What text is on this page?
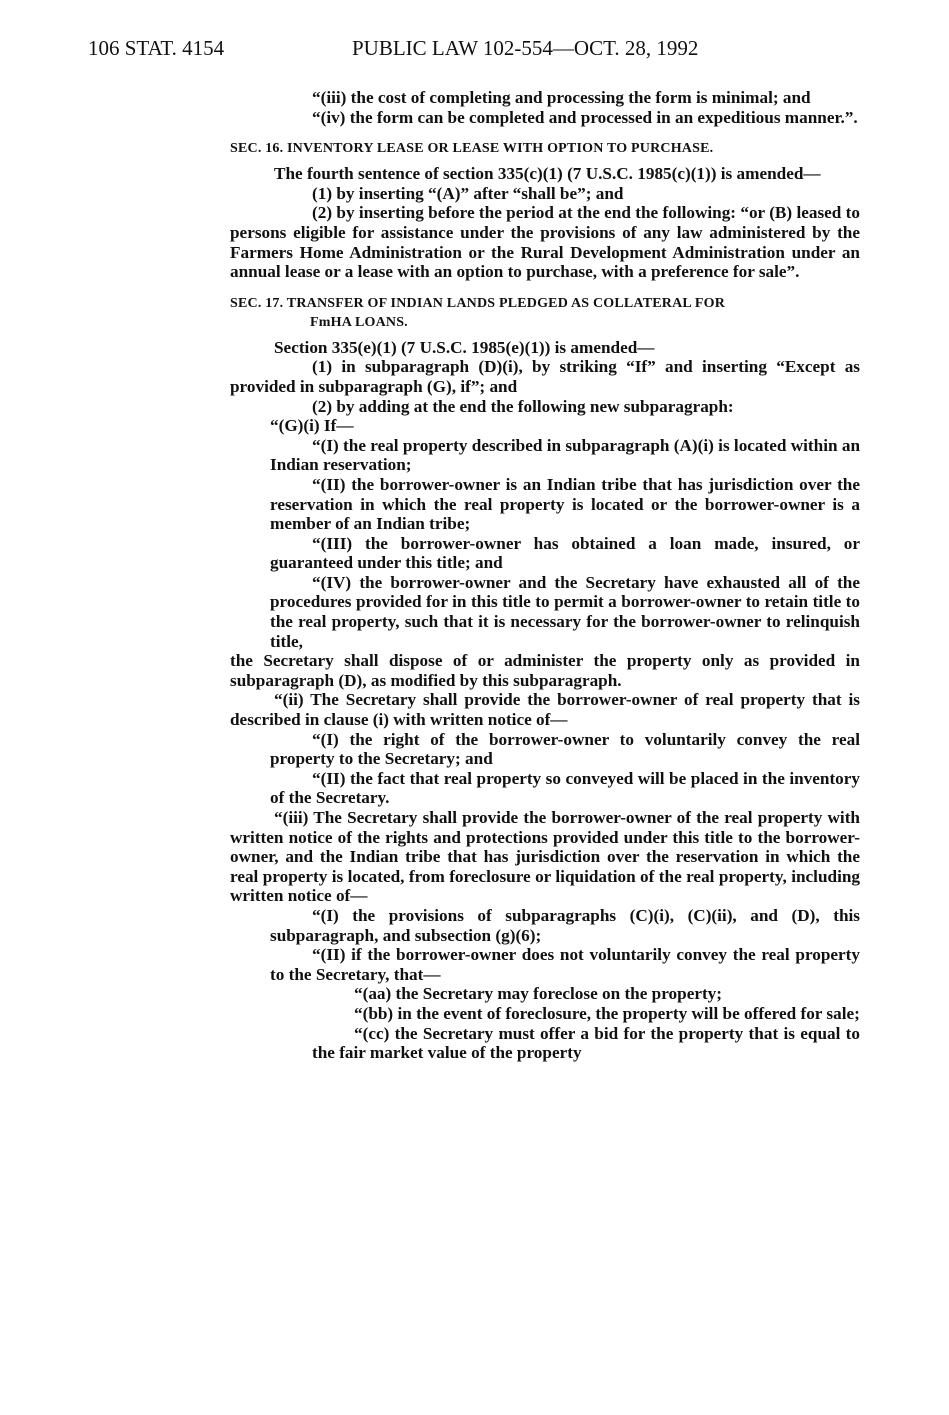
106 STAT. 4154	PUBLIC LAW 102-554—OCT. 28, 1992

“(iii) the cost of completing and processing the form is minimal; and

“(iv) the form can be completed and processed in an expeditious manner.”.

SEC. 16. INVENTORY LEASE OR LEASE WITH OPTION TO PURCHASE.

The fourth sentence of section 335(c)(1) (7 U.S.C. 1985(c)(1)) is amended—

(1) by inserting “(A)” after “shall be”; and

(2) by inserting before the period at the end the following: “or (B) leased to persons eligible for assistance under the provisions of any law administered by the Farmers Home Administration or the Rural Development Administration under an annual lease or a lease with an option to purchase, with a preference for sale”.

SEC. 17. TRANSFER OF INDIAN LANDS PLEDGED AS COLLATERAL FOR
FmHA LOANS.

Section 335(e)(1) (7 U.S.C. 1985(e)(1)) is amended—

(1) in subparagraph (D)(i), by striking “If” and inserting “Except as provided in subparagraph (G), if”; and

(2) by adding at the end the following new subparagraph:

“(G)(i) If—

“(I) the real property described in subparagraph (A)(i) is located within an Indian reservation;

“(II) the borrower-owner is an Indian tribe that has jurisdiction over the reservation in which the real property is located or the borrower-owner is a member of an Indian tribe;

“(III) the borrower-owner has obtained a loan made, insured, or guaranteed under this title; and

“(IV) the borrower-owner and the Secretary have exhausted all of the procedures provided for in this title to permit a borrower-owner to retain title to the real property, such that it is necessary for the borrower-owner to relinquish title,

the Secretary shall dispose of or administer the property only as provided in subparagraph (D), as modified by this subparagraph.

“(ii) The Secretary shall provide the borrower-owner of real property that is described in clause (i) with written notice of—

“(I) the right of the borrower-owner to voluntarily convey the real property to the Secretary; and

“(II) the fact that real property so conveyed will be placed in the inventory of the Secretary.

“(iii) The Secretary shall provide the borrower-owner of the real property with written notice of the rights and protections provided under this title to the borrower-owner, and the Indian tribe that has jurisdiction over the reservation in which the real property is located, from foreclosure or liquidation of the real property, including written notice of—

“(I) the provisions of subparagraphs (C)(i), (C)(ii), and (D), this subparagraph, and subsection (g)(6);

“(II) if the borrower-owner does not voluntarily convey the real property to the Secretary, that—

“(aa) the Secretary may foreclose on the property;

“(bb) in the event of foreclosure, the property will be offered for sale;

“(cc) the Secretary must offer a bid for the property that is equal to the fair market value of the property
